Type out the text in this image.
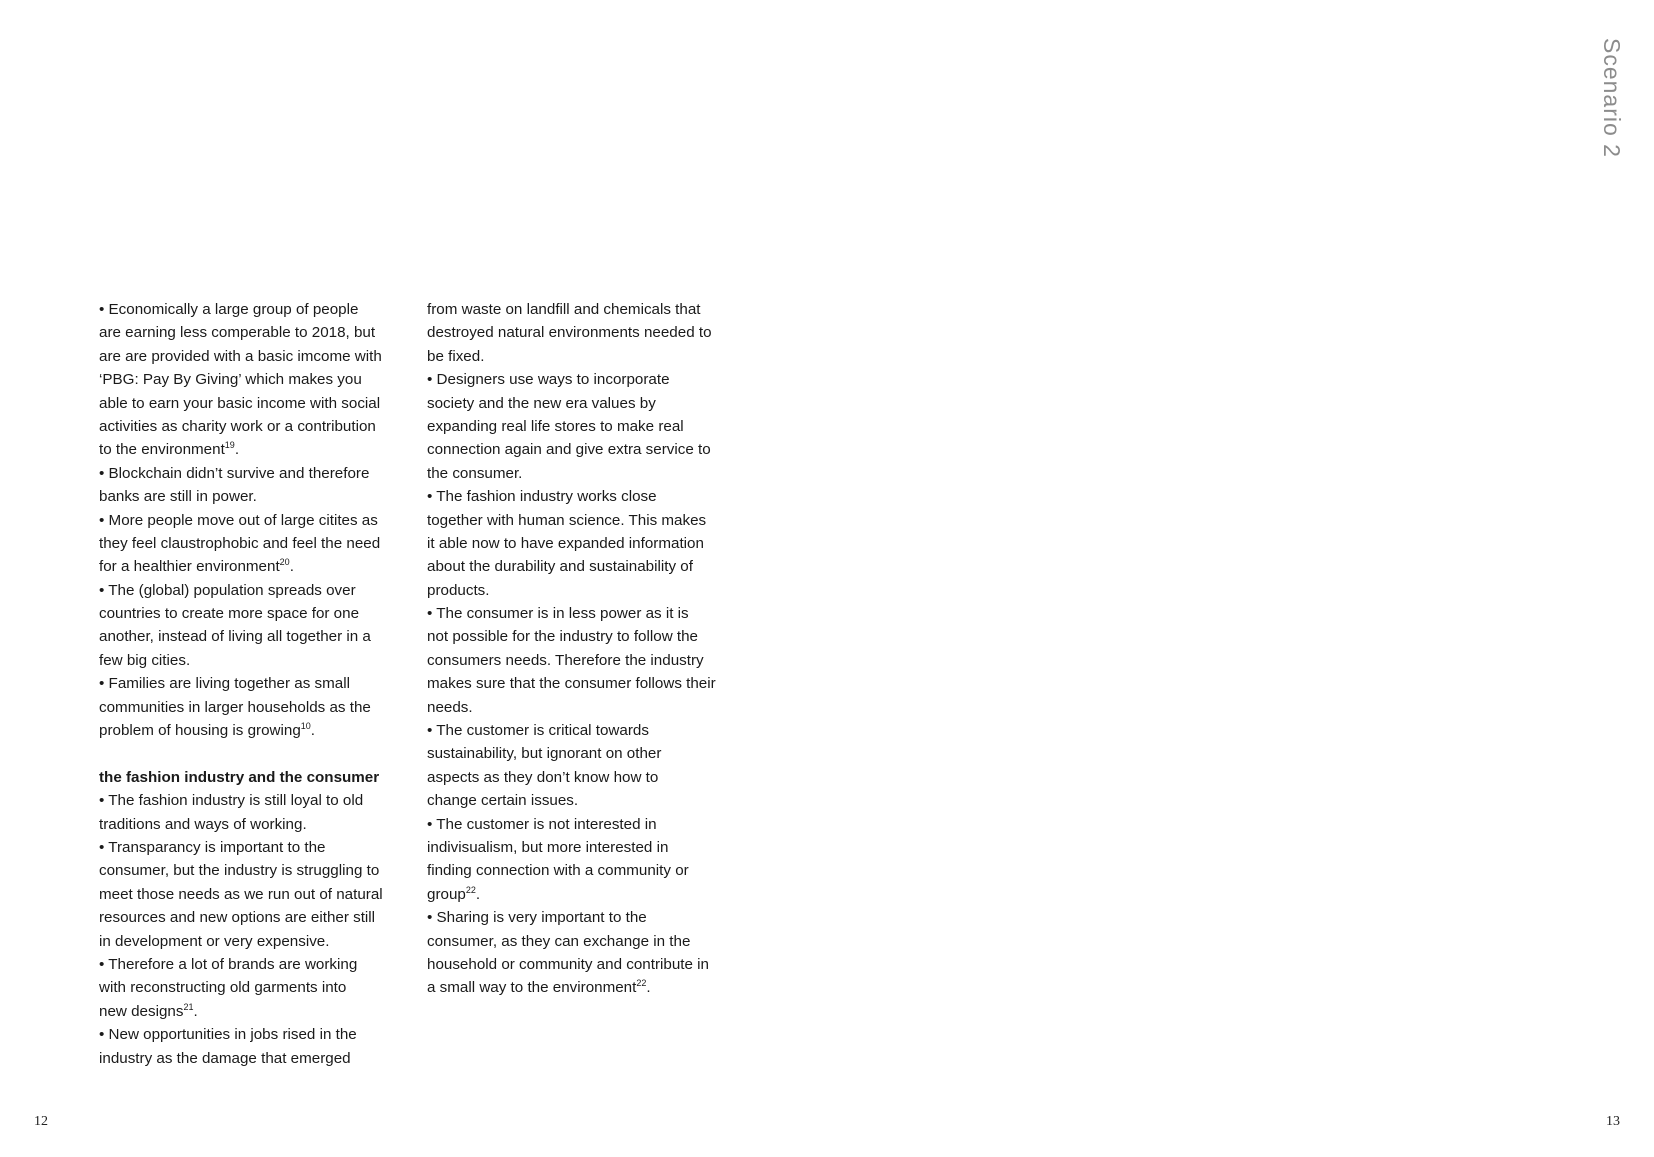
Scenario 2
• Economically a large group of people
are earning less comperable to 2018, but
are are provided with a basic imcome with
‘PBG: Pay By Giving’ which makes you
able to earn your basic income with social
activities as charity work or a contribution
to the environment$^{19}$.
• Blockchain didn’t survive and therefore
banks are still in power.
• More people move out of large citites as
they feel claustrophobic and feel the need
for a healthier environment$^{20}$.
• The (global) population spreads over
countries to create more space for one
another, instead of living all together in a
few big cities.
• Families are living together as small
communities in larger households as the
problem of housing is growing$^{10}$.
the fashion industry and the consumer
• The fashion industry is still loyal to old
traditions and ways of working.
• Transparancy is important to the
consumer, but the industry is struggling to
meet those needs as we run out of natural
resources and new options are either still
in development or very expensive.
• Therefore a lot of brands are working
with reconstructing old garments into
new designs$^{21}$.
• New opportunities in jobs rised in the
industry as the damage that emerged
from waste on landfill and chemicals that
destroyed natural environments needed to
be fixed.
• Designers use ways to incorporate
society and the new era values by
expanding real life stores to make real
connection again and give extra service to
the consumer.
• The fashion industry works close
together with human science. This makes
it able now to have expanded information
about the durability and sustainability of
products.
• The consumer is in less power as it is
not possible for the industry to follow the
consumers needs. Therefore the industry
makes sure that the consumer follows their
needs.
• The customer is critical towards
sustainability, but ignorant on other
aspects as they don’t know how to
change certain issues.
• The customer is not interested in
indivisualism, but more interested in
finding connection with a community or
group$^{22}$.
• Sharing is very important to the
consumer, as they can exchange in the
household or community and contribute in
a small way to the environment$^{22}$.
12	13
